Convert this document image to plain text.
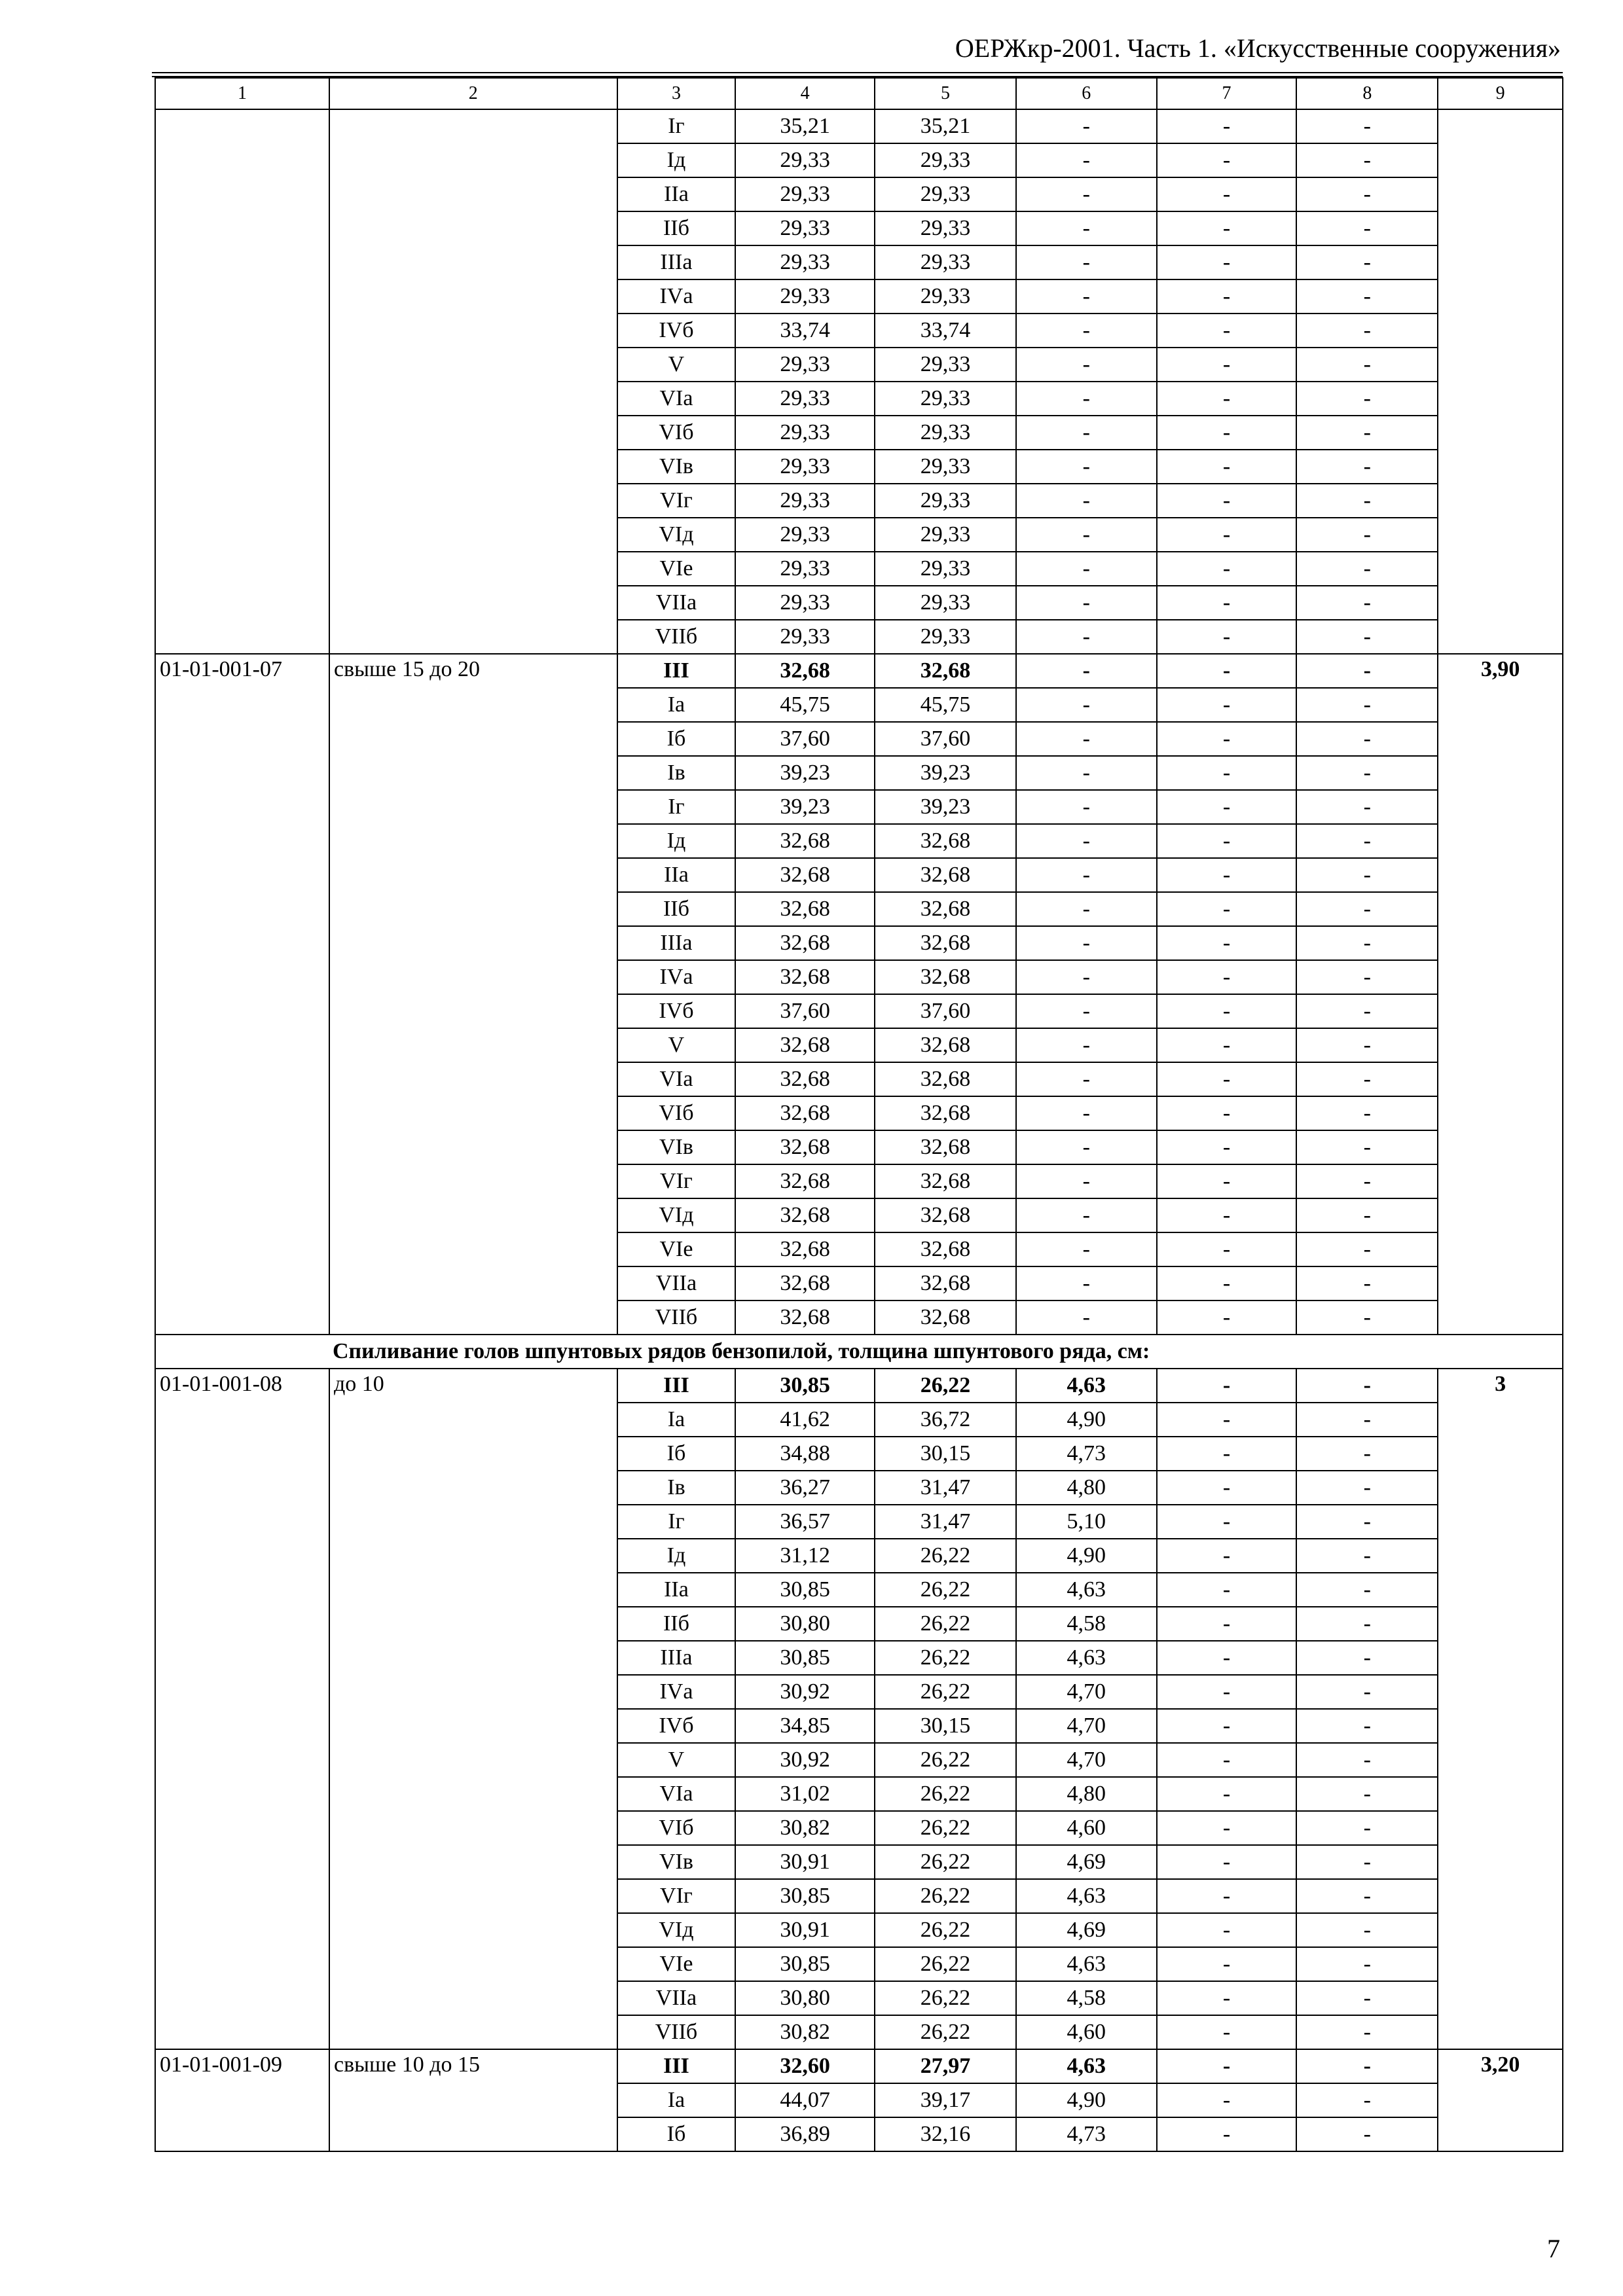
ОЕРЖкр-2001. Часть 1. «Искусственные сооружения»
1	2	3	4	5	6	7	8	9
		Iг	35,21	35,21	-	-	-	
		Iд	29,33	29,33	-	-	-	
		IIа	29,33	29,33	-	-	-	
		IIб	29,33	29,33	-	-	-	
		IIIа	29,33	29,33	-	-	-	
		IVа	29,33	29,33	-	-	-	
		IVб	33,74	33,74	-	-	-	
		V	29,33	29,33	-	-	-	
		VIа	29,33	29,33	-	-	-	
		VIб	29,33	29,33	-	-	-	
		VIв	29,33	29,33	-	-	-	
		VIг	29,33	29,33	-	-	-	
		VIд	29,33	29,33	-	-	-	
		VIе	29,33	29,33	-	-	-	
		VIIа	29,33	29,33	-	-	-	
		VIIб	29,33	29,33	-	-	-	
01-01-001-07	свыше 15 до 20	III	32,68	32,68	-	-	-	3,90
		Iа	45,75	45,75	-	-	-	
		Iб	37,60	37,60	-	-	-	
		Iв	39,23	39,23	-	-	-	
		Iг	39,23	39,23	-	-	-	
		Iд	32,68	32,68	-	-	-	
		IIа	32,68	32,68	-	-	-	
		IIб	32,68	32,68	-	-	-	
		IIIа	32,68	32,68	-	-	-	
		IVа	32,68	32,68	-	-	-	
		IVб	37,60	37,60	-	-	-	
		V	32,68	32,68	-	-	-	
		VIа	32,68	32,68	-	-	-	
		VIб	32,68	32,68	-	-	-	
		VIв	32,68	32,68	-	-	-	
		VIг	32,68	32,68	-	-	-	
		VIд	32,68	32,68	-	-	-	
		VIе	32,68	32,68	-	-	-	
		VIIа	32,68	32,68	-	-	-	
		VIIб	32,68	32,68	-	-	-	
Спиливание голов шпунтовых рядов бензопилой, толщина шпунтового ряда, см:								
01-01-001-08	до 10	III	30,85	26,22	4,63	-	-	3
		Iа	41,62	36,72	4,90	-	-	
		Iб	34,88	30,15	4,73	-	-	
		Iв	36,27	31,47	4,80	-	-	
		Iг	36,57	31,47	5,10	-	-	
		Iд	31,12	26,22	4,90	-	-	
		IIа	30,85	26,22	4,63	-	-	
		IIб	30,80	26,22	4,58	-	-	
		IIIа	30,85	26,22	4,63	-	-	
		IVа	30,92	26,22	4,70	-	-	
		IVб	34,85	30,15	4,70	-	-	
		V	30,92	26,22	4,70	-	-	
		VIа	31,02	26,22	4,80	-	-	
		VIб	30,82	26,22	4,60	-	-	
		VIв	30,91	26,22	4,69	-	-	
		VIг	30,85	26,22	4,63	-	-	
		VIд	30,91	26,22	4,69	-	-	
		VIе	30,85	26,22	4,63	-	-	
		VIIа	30,80	26,22	4,58	-	-	
		VIIб	30,82	26,22	4,60	-	-	
01-01-001-09	свыше 10 до 15	III	32,60	27,97	4,63	-	-	3,20
		Iа	44,07	39,17	4,90	-	-	
		Iб	36,89	32,16	4,73	-	-	
7
